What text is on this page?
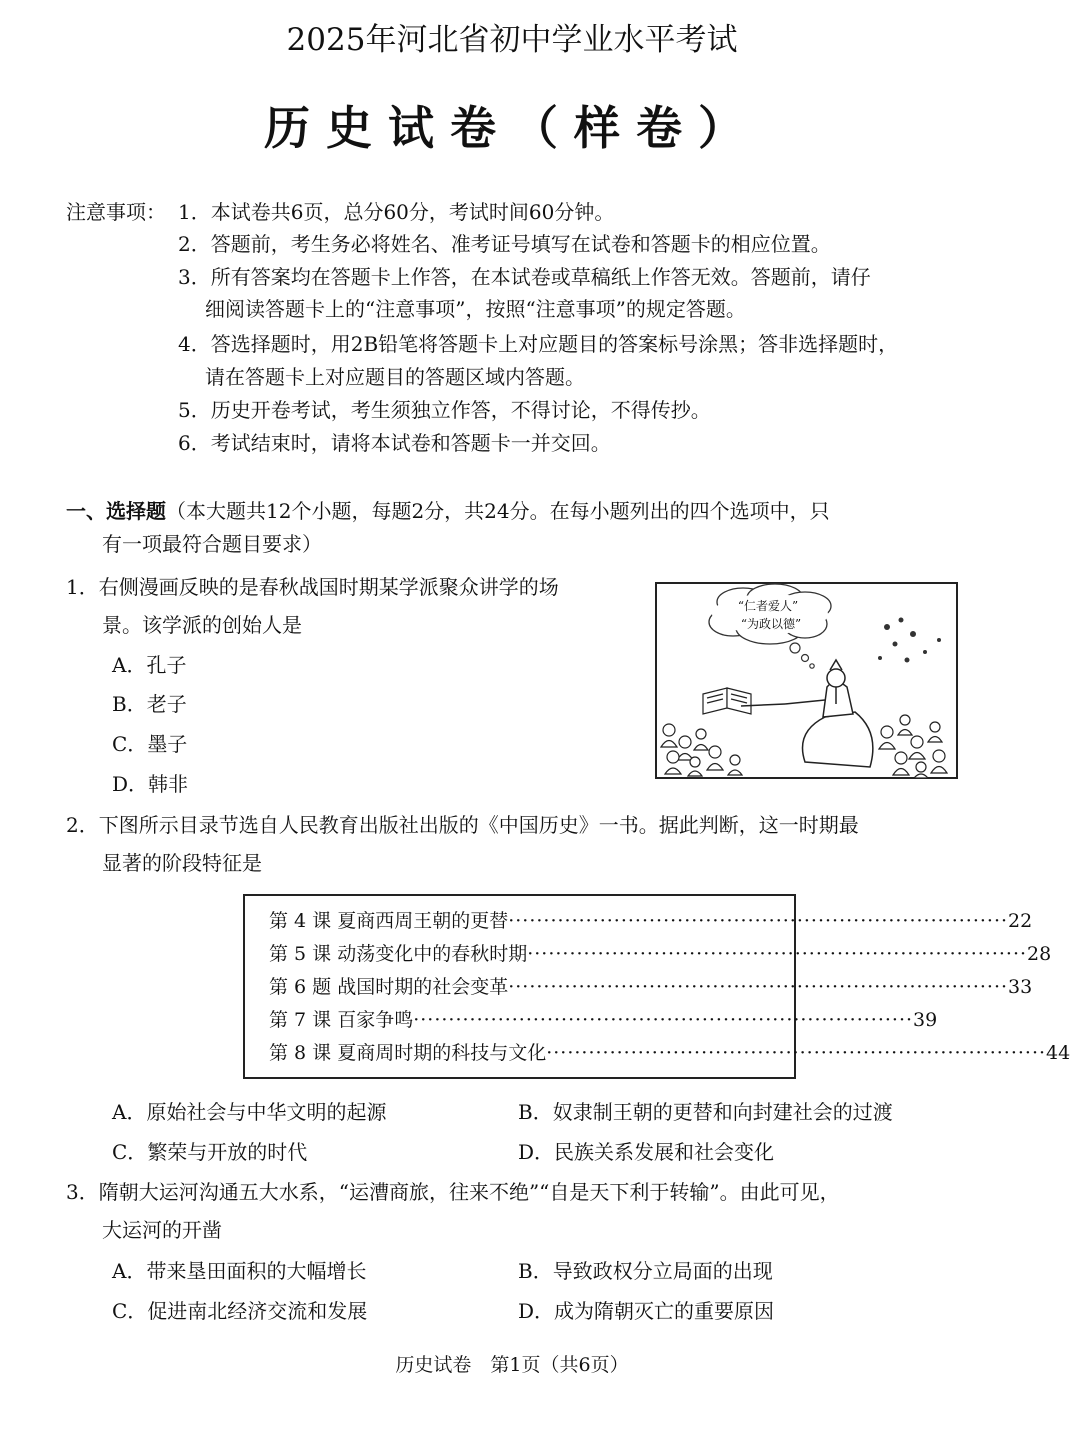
2025年河北省初中学业水平考试
历史试卷（样卷）
注意事项： 1．本试卷共6页，总分60分，考试时间60分钟。
2．答题前，考生务必将姓名、准考证号填写在试卷和答题卡的相应位置。
3．所有答案均在答题卡上作答，在本试卷或草稿纸上作答无效。答题前，请仔
细阅读答题卡上的“注意事项”，按照“注意事项”的规定答题。
4．答选择题时，用2B铅笔将答题卡上对应题目的答案标号涂黑；答非选择题时，
请在答题卡上对应题目的答题区域内答题。
5．历史开卷考试，考生须独立作答，不得讨论，不得传抄。
6．考试结束时，请将本试卷和答题卡一并交回。
一、选择题（本大题共12个小题，每题2分，共24分。在每小题列出的四个选项中，只
有一项最符合题目要求）
1．右侧漫画反映的是春秋战国时期某学派聚众讲学的场
景。该学派的创始人是
A．孔子
B．老子
C．墨子
D．韩非
“仁者爱人”
“为政以德”
2．下图所示目录节选自人民教育出版社出版的《中国历史》一书。据此判断，这一时期最
显著的阶段特征是
第 4 课 夏商西周王朝的更替 ······································································· 22
第 5 课 动荡变化中的春秋时期 ······································································· 28
第 6 题 战国时期的社会变革 ······································································· 33
第 7 课 百家争鸣 ······································································· 39
第 8 课 夏商周时期的科技与文化 ······································································· 44
A．原始社会与中华文明的起源	B．奴隶制王朝的更替和向封建社会的过渡
C．繁荣与开放的时代	D．民族关系发展和社会变化
3．隋朝大运河沟通五大水系，“运漕商旅，往来不绝”“自是天下利于转输”。由此可见，
大运河的开凿
A．带来垦田面积的大幅增长	B．导致政权分立局面的出现
C．促进南北经济交流和发展	D．成为隋朝灭亡的重要原因
历史试卷　第1页（共6页）
